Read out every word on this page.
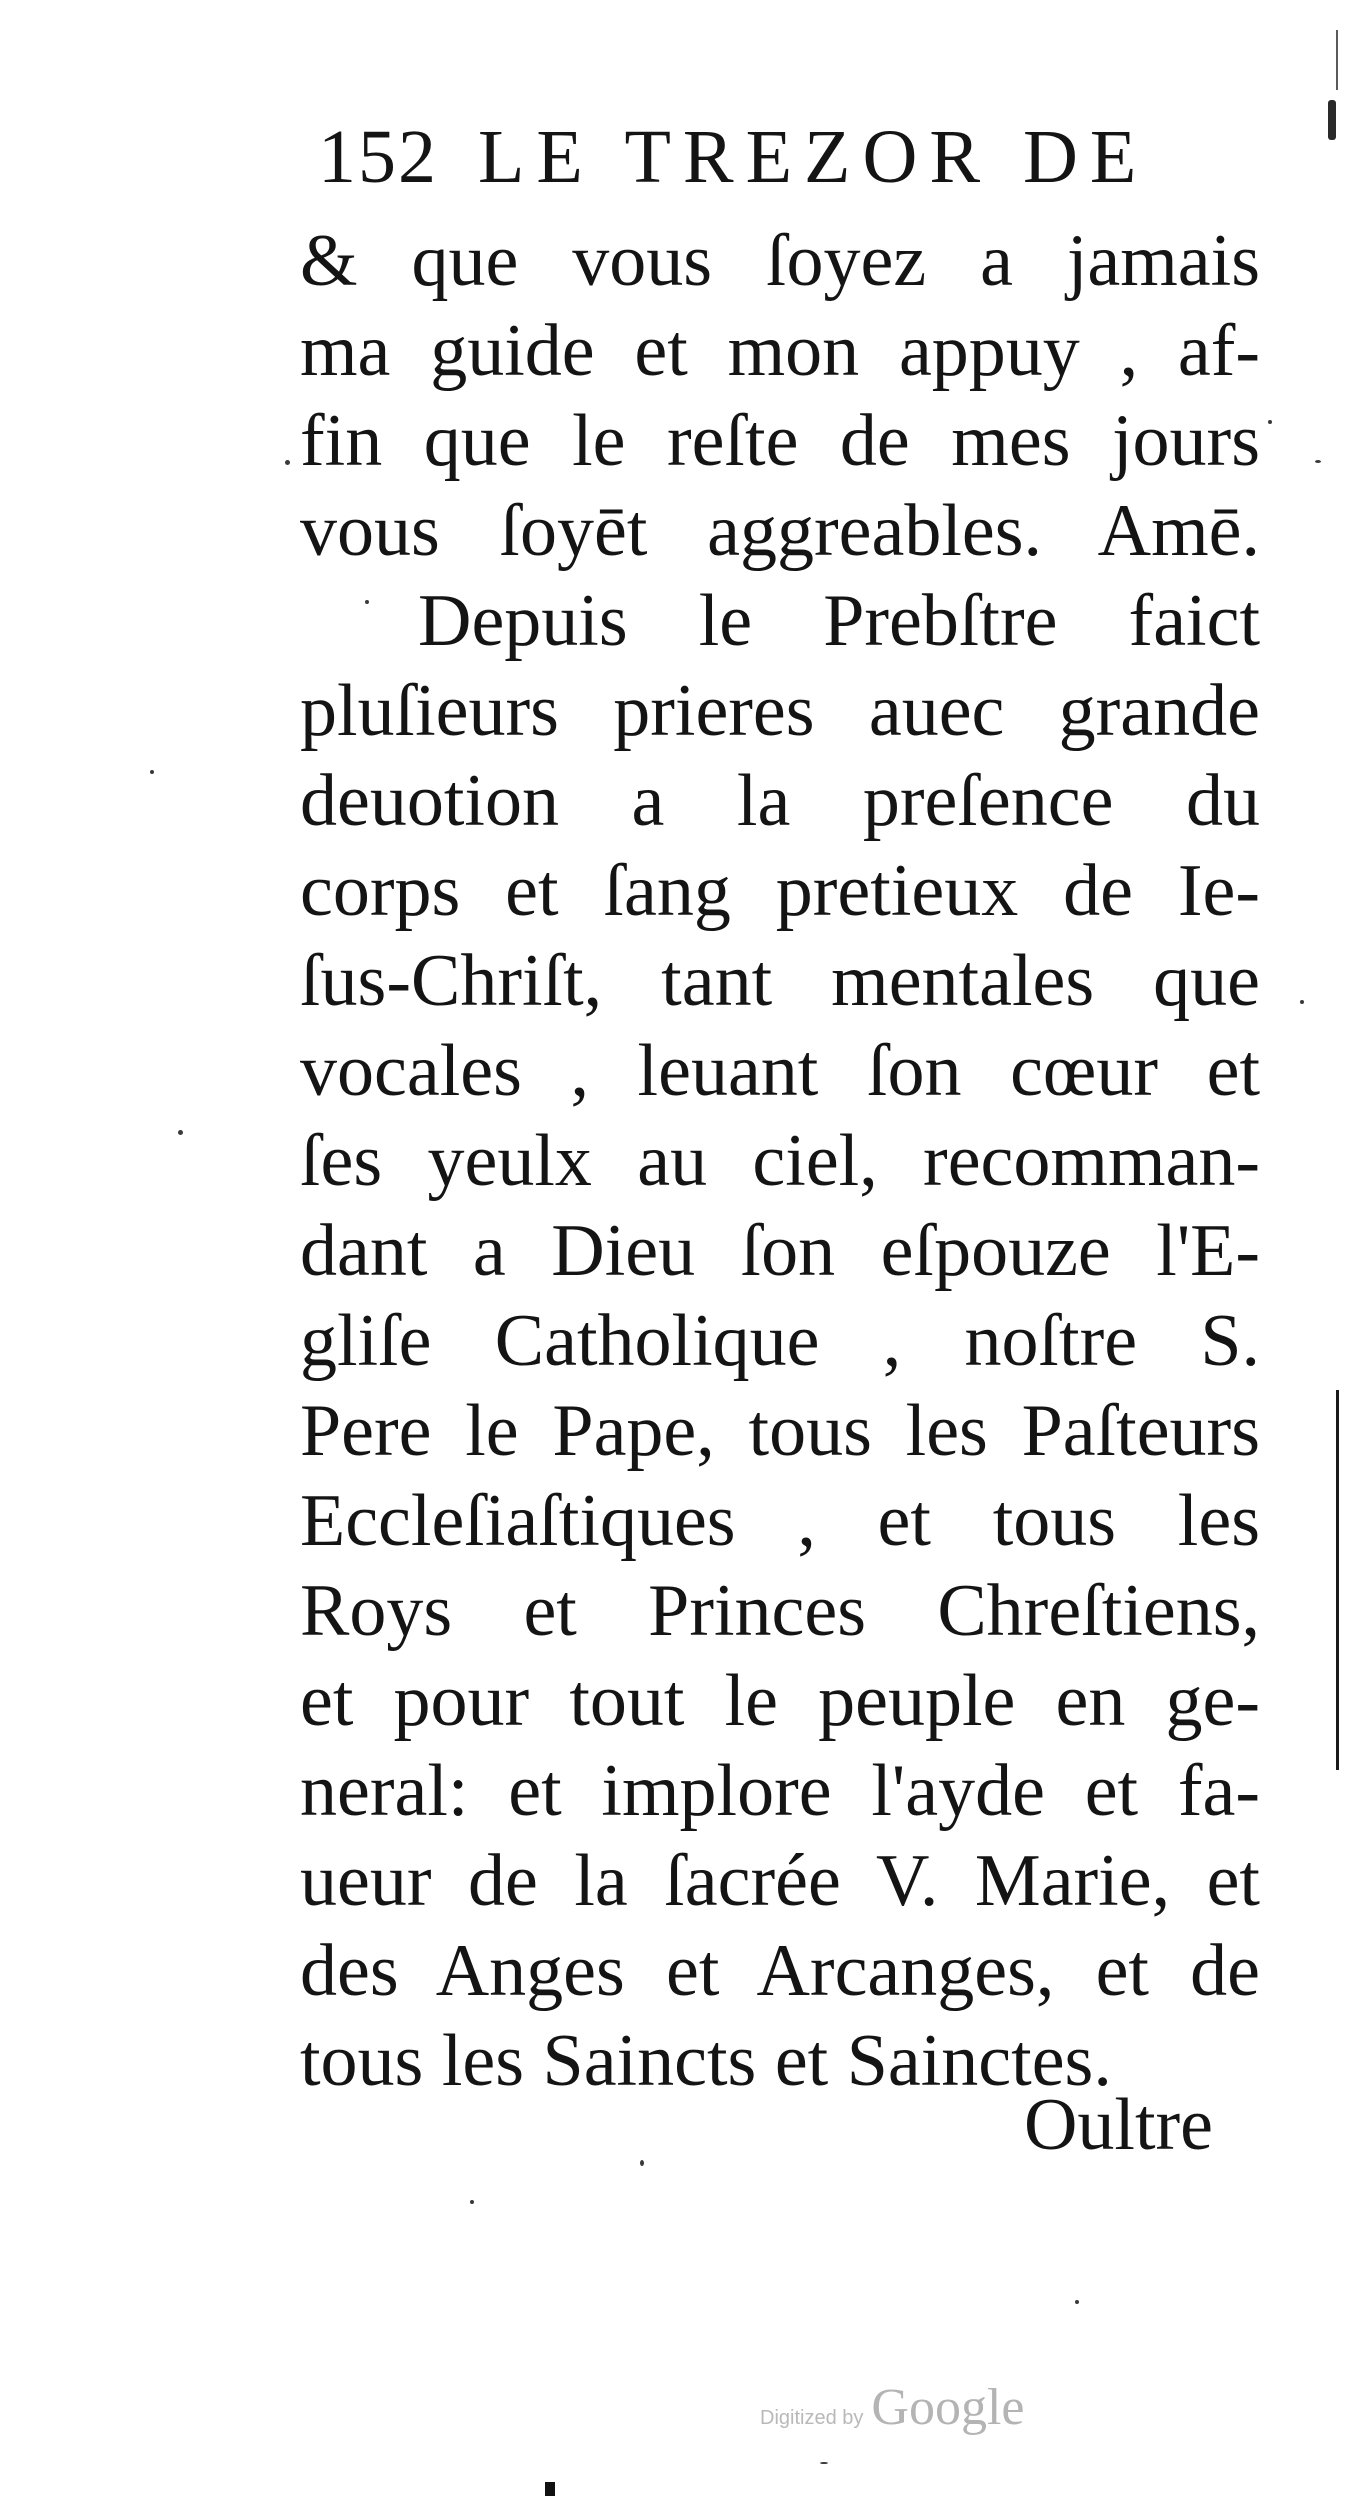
152 LE TREZOR DE
& que vous ſoyez a jamais
ma guide et mon appuy , af-
fin que le reſte de mes jours
vous ſoyēt aggreables. Amē.
Depuis le Prebſtre faict
pluſieurs prieres auec grande
deuotion a la preſence du
corps et ſang pretieux de Ie-
ſus-Chriſt, tant mentales que
vocales , leuant ſon cœur et
ſes yeulx au ciel, recomman-
dant a Dieu ſon eſpouze l'E-
gliſe Catholique , noſtre S.
Pere le Pape, tous les Paſteurs
Eccleſiaſtiques , et tous les
Roys et Princes Chreſtiens,
et pour tout le peuple en ge-
neral: et implore l'ayde et fa-
ueur de la ſacrée V. Marie, et
des Anges et Arcanges, et de
tous les Saincts et Sainctes.
Oultre
Digitized by Google
